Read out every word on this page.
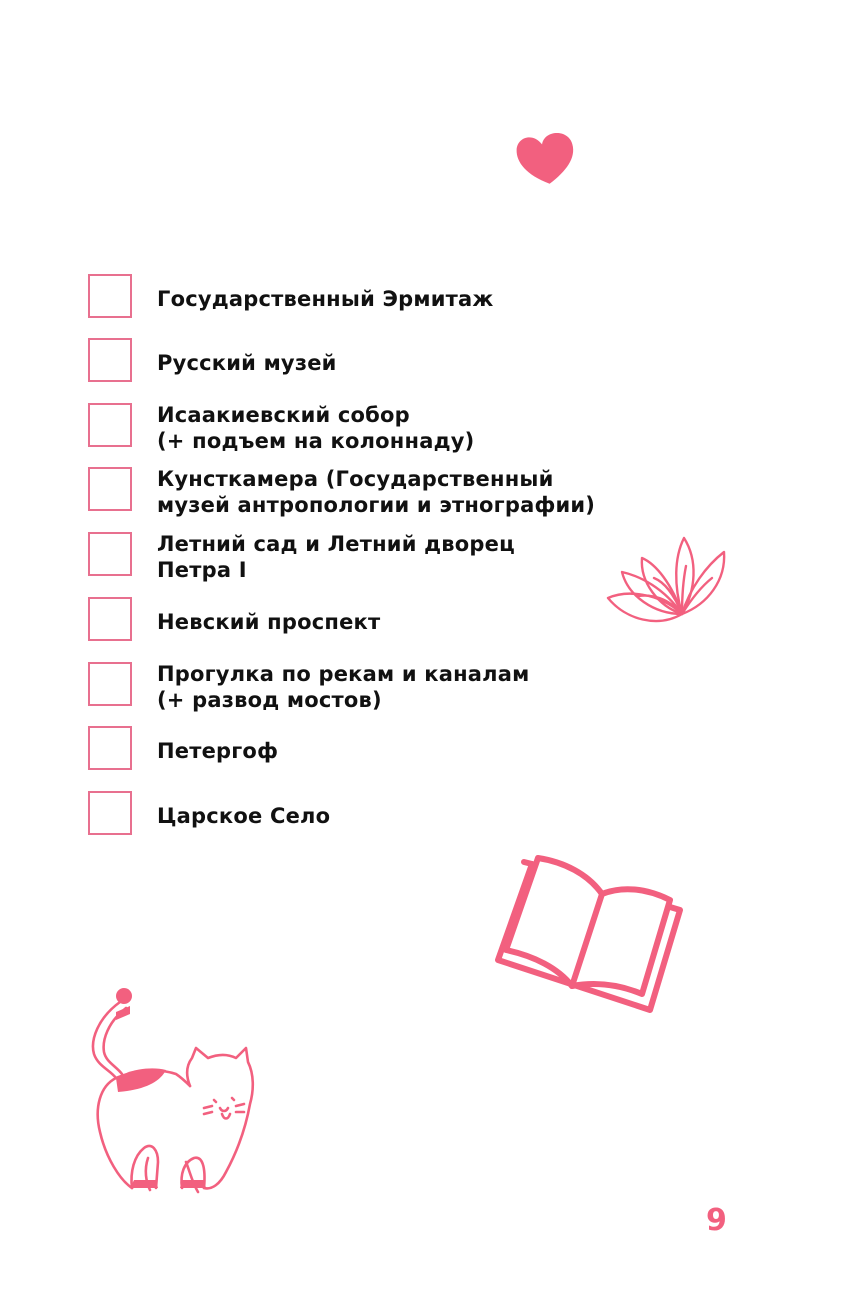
Государственный Эрмитаж
Русский музей
Исаакиевский собор
(+ подъем на колоннаду)
Кунсткамера (Государственный
музей антропологии и этнографии)
Летний сад и Летний дворец
Петра I
Невский проспект
Прогулка по рекам и каналам
(+ развод мостов)
Петергоф
Царское Село
9
